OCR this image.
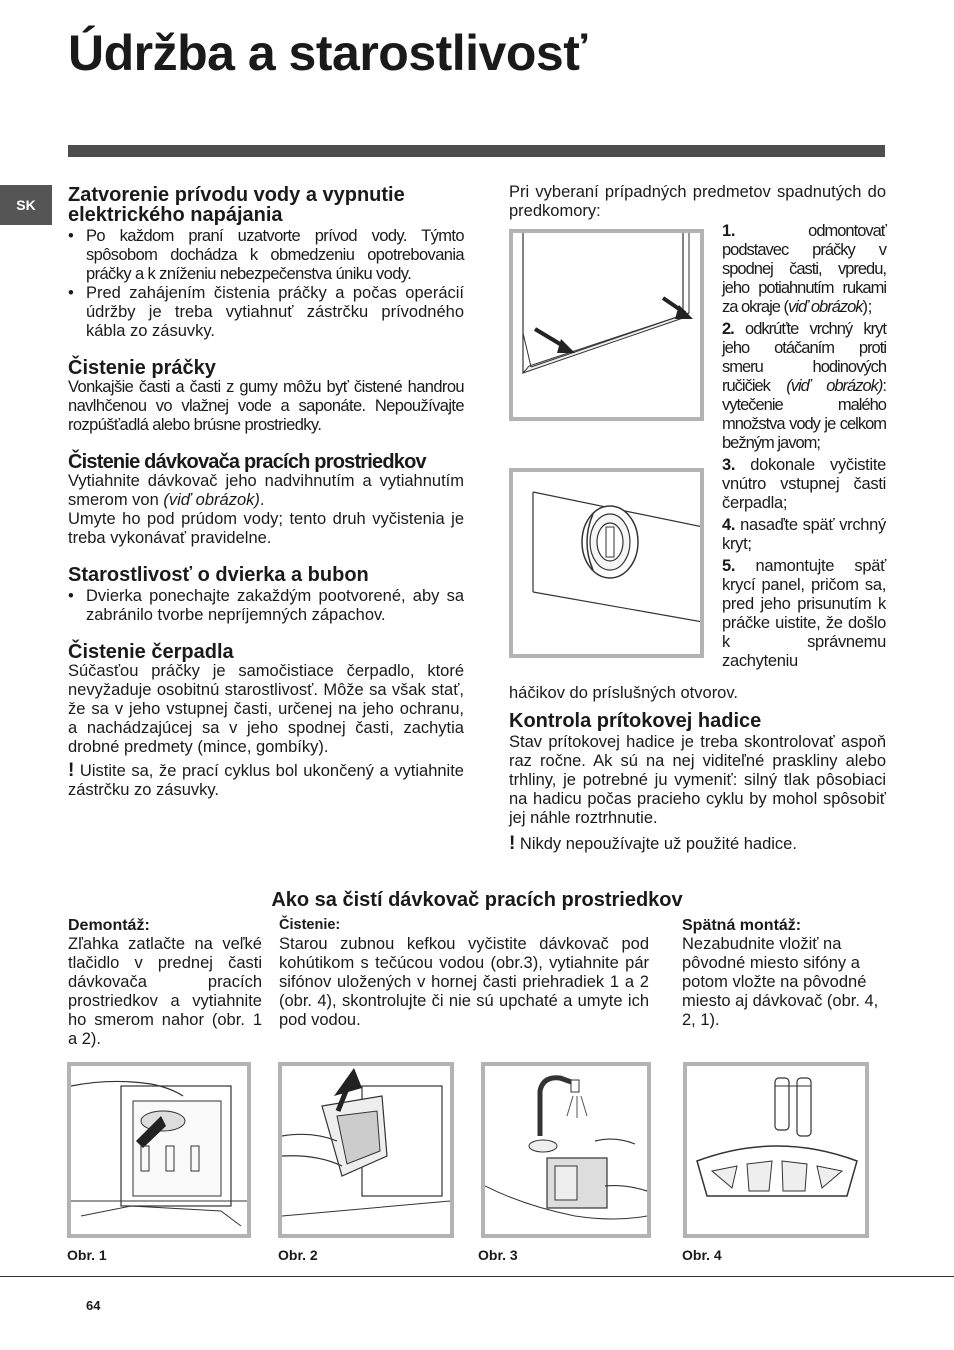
Údržba a starostlivosť
SK	Zatvorenie prívodu vody a vypnutie elektrického napájania

• Po každom praní uzatvorte prívod vody. Týmto spôsobom dochádza k obmedzeniu opotrebovania práčky a k zníženiu nebezpečenstva úniku vody.

• Pred zahájením čistenia práčky a počas operácií údržby je treba vytiahnuť zástrčku prívodného kábla zo zásuvky.

Čistenie práčky

Vonkajšie časti a časti z gumy môžu byť čistené handrou navlhčenou vo vlažnej vode a saponáte. Nepoužívajte rozpúšťadlá alebo brúsne prostriedky.

Čistenie dávkovača pracích prostriedkov

Vytiahnite dávkovač jeho nadvihnutím a vytiahnutím smerom von (viď obrázok).

Umyte ho pod prúdom vody; tento druh vyčistenia je treba vykonávať pravidelne.

Starostlivosť o dvierka a bubon

• Dvierka ponechajte zakaždým pootvorené, aby sa zabránilo tvorbe nepríjemných zápachov.

Čistenie čerpadla

Súčasťou práčky je samočistiace čerpadlo, ktoré nevyžaduje osobitnú starostlivosť. Môže sa však stať, že sa v jeho vstupnej časti, určenej na jeho ochranu, a nachádzajúcej sa v jeho spodnej časti, zachytia drobné predmety (mince, gombíky).

! Uistite sa, že prací cyklus bol ukončený a vytiahnite zástrčku zo zásuvky.

Pri vyberaní prípadných predmetov spadnutých do predkomory:

1. odmontovať podstavec práčky v spodnej časti, vpredu, jeho potiahnutím rukami za okraje (viď obrázok);

2. odkrúťte vrchný kryt jeho otáčaním proti smeru hodinových ručičiek (viď obrázok): vytečenie malého množstva vody je celkom bežným javom;

3. dokonale vyčistite vnútro vstupnej časti čerpadla;

4. nasaďte späť vrchný kryt;

5. namontujte späť krycí panel, pričom sa, pred jeho prisunutím k práčke uistite, že došlo k správnemu zachyteniu

háčikov do príslušných otvorov.

Kontrola prítokovej hadice

Stav prítokovej hadice je treba skontrolovať aspoň raz ročne. Ak sú na nej viditeľné praskliny alebo trhliny, je potrebné ju vymeniť: silný tlak pôsobiaci na hadicu počas pracieho cyklu by mohol spôsobiť jej náhle roztrhnutie.

! Nikdy nepoužívajte už použité hadice.

Ako sa čistí dávkovač pracích prostriedkov
Demontáž:

Zľahka zatlačte na veľké tlačidlo v prednej časti dávkovača pracích prostriedkov a vytiahnite ho smerom nahor (obr. 1 a 2).

Čistenie:

Starou zubnou kefkou vyčistite dávkovač pod kohútikom s tečúcou vodou (obr.3), vytiahnite pár sifónov uložených v hornej časti priehradiek 1 a 2 (obr. 4), skontrolujte či nie sú upchaté a umyte ich pod vodou.

Spätná montáž:

Nezabudnite vložiť na pôvodné miesto sifóny a potom vložte na pôvodné miesto aj dávkovač (obr. 4, 2, 1).

Obr. 1	Obr. 2	Obr. 3	Obr. 4
64
